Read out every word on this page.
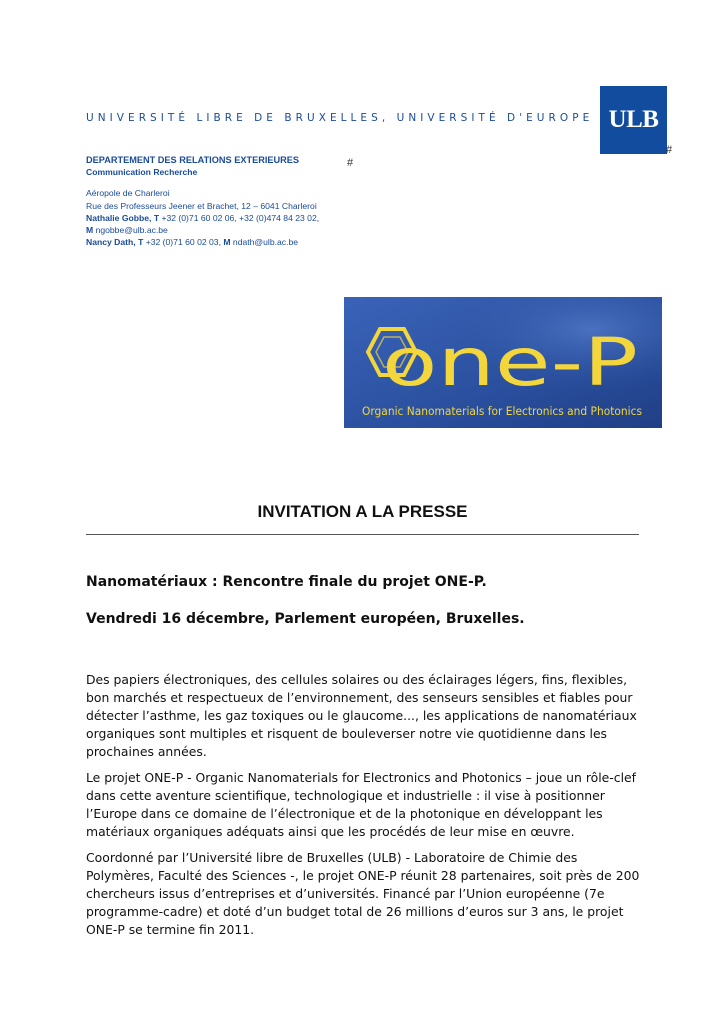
UNIVERSITÉ LIBRE DE BRUXELLES, UNIVERSITÉ D'EUROPE ULB
#
#
DEPARTEMENT DES RELATIONS EXTERIEURES
Communication Recherche
Aéropole de Charleroi
Rue des Professeurs Jeener et Brachet, 12 – 6041 Charleroi
Nathalie Gobbe, T +32 (0)71 60 02 06, +32 (0)474 84 23 02,
M ngobbe@ulb.ac.be
Nancy Dath, T +32 (0)71 60 02 03, M ndath@ulb.ac.be
one-P
Organic Nanomaterials for Electronics and Photonics
INVITATION A LA PRESSE
Nanomatériaux : Rencontre finale du projet ONE-P.
Vendredi 16 décembre, Parlement européen, Bruxelles.

Des papiers électroniques, des cellules solaires ou des éclairages légers, fins, flexibles, bon marchés et respectueux de l’environnement, des senseurs sensibles et fiables pour détecter l’asthme, les gaz toxiques ou le glaucome..., les applications de nanomatériaux organiques sont multiples et risquent de bouleverser notre vie quotidienne dans les prochaines années.

Le projet ONE-P - Organic Nanomaterials for Electronics and Photonics – joue un rôle-clef dans cette aventure scientifique, technologique et industrielle : il vise à positionner l’Europe dans ce domaine de l’électronique et de la photonique en développant les matériaux organiques adéquats ainsi que les procédés de leur mise en œuvre.

Coordonné par l’Université libre de Bruxelles (ULB) - Laboratoire de Chimie des Polymères, Faculté des Sciences -, le projet ONE-P réunit 28 partenaires, soit près de 200 chercheurs issus d’entreprises et d’universités. Financé par l’Union européenne (7e programme-cadre) et doté d’un budget total de 26 millions d’euros sur 3 ans, le projet ONE-P se termine fin 2011.
